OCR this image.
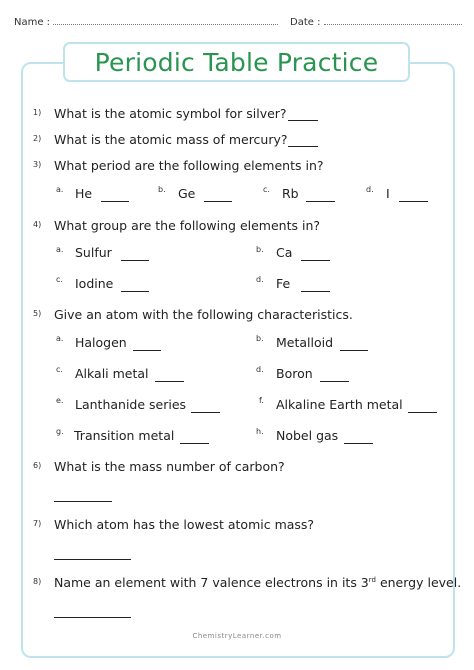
Name :	Date :
Periodic Table Practice
1) What is the atomic symbol for silver?
2) What is the atomic mass of mercury?
3) What period are the following elements in?
a. He	b. Ge	c. Rb	d. I
4) What group are the following elements in?
a. Sulfur	b. Ca
c. Iodine	d. Fe
5) Give an atom with the following characteristics.
a. Halogen	b. Metalloid
c. Alkali metal	d. Boron
e. Lanthanide series	f. Alkaline Earth metal
g. Transition metal	h. Nobel gas
6) What is the mass number of carbon?
7) Which atom has the lowest atomic mass?
8) Name an element with 7 valence electrons in its 3rd energy level.
ChemistryLearner.com
